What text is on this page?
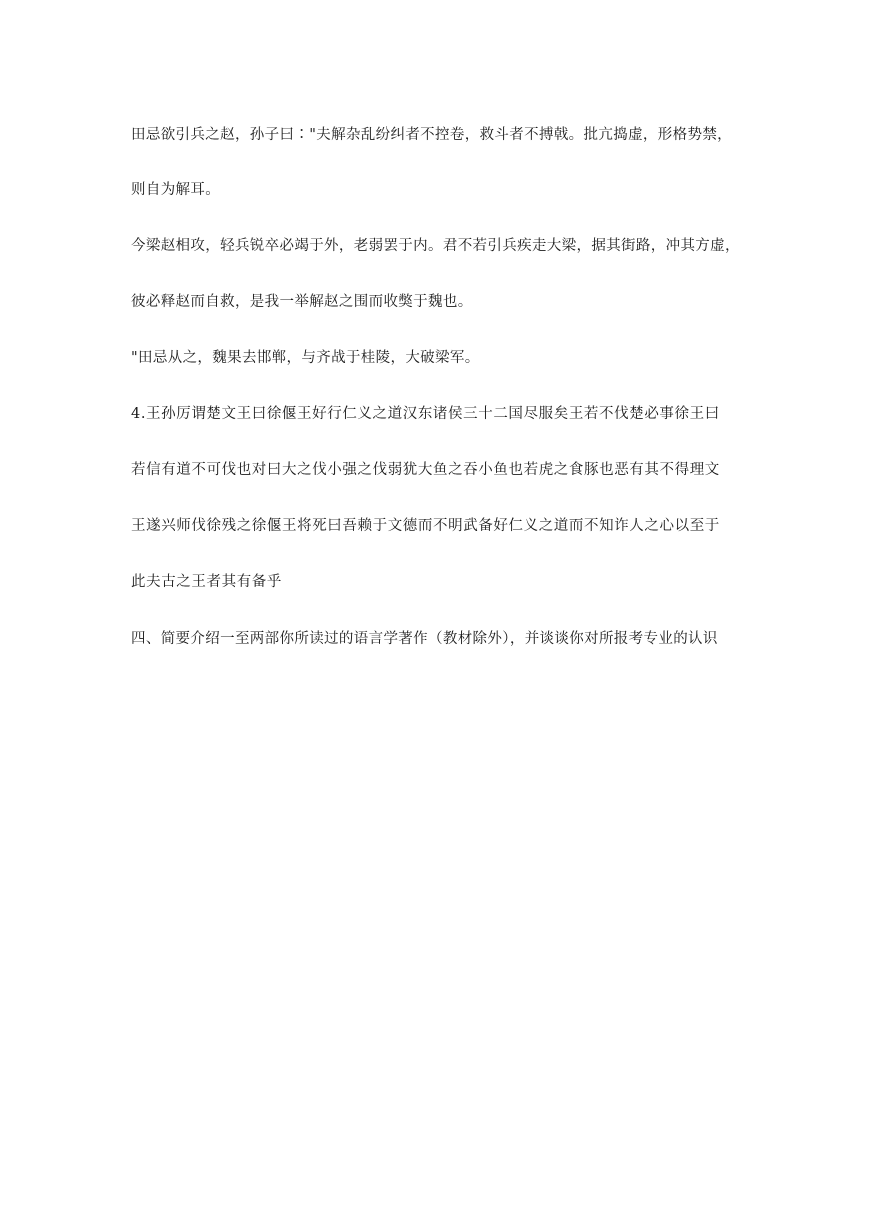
田忌欲引兵之赵，孙子曰∶"夫解杂乱纷纠者不控卷，救斗者不搏戟。批亢捣虚，形格势禁，
则自为解耳。
今梁赵相攻，轻兵锐卒必竭于外，老弱罢于内。君不若引兵疾走大梁，据其街路，冲其方虚，
彼必释赵而自救，是我一举解赵之围而收獘于魏也。
"田忌从之，魏果去邯郸，与齐战于桂陵，大破梁军。
4.王孙厉谓楚文王曰徐偃王好行仁义之道汉东诸侯三十二国尽服矣王若不伐楚必事徐王曰
若信有道不可伐也对曰大之伐小强之伐弱犹大鱼之吞小鱼也若虎之食豚也恶有其不得理文
王遂兴师伐徐残之徐偃王将死曰吾赖于文德而不明武备好仁义之道而不知诈人之心以至于
此夫古之王者其有备乎
四、简要介绍一至两部你所读过的语言学著作（教材除外），并谈谈你对所报考专业的认识
